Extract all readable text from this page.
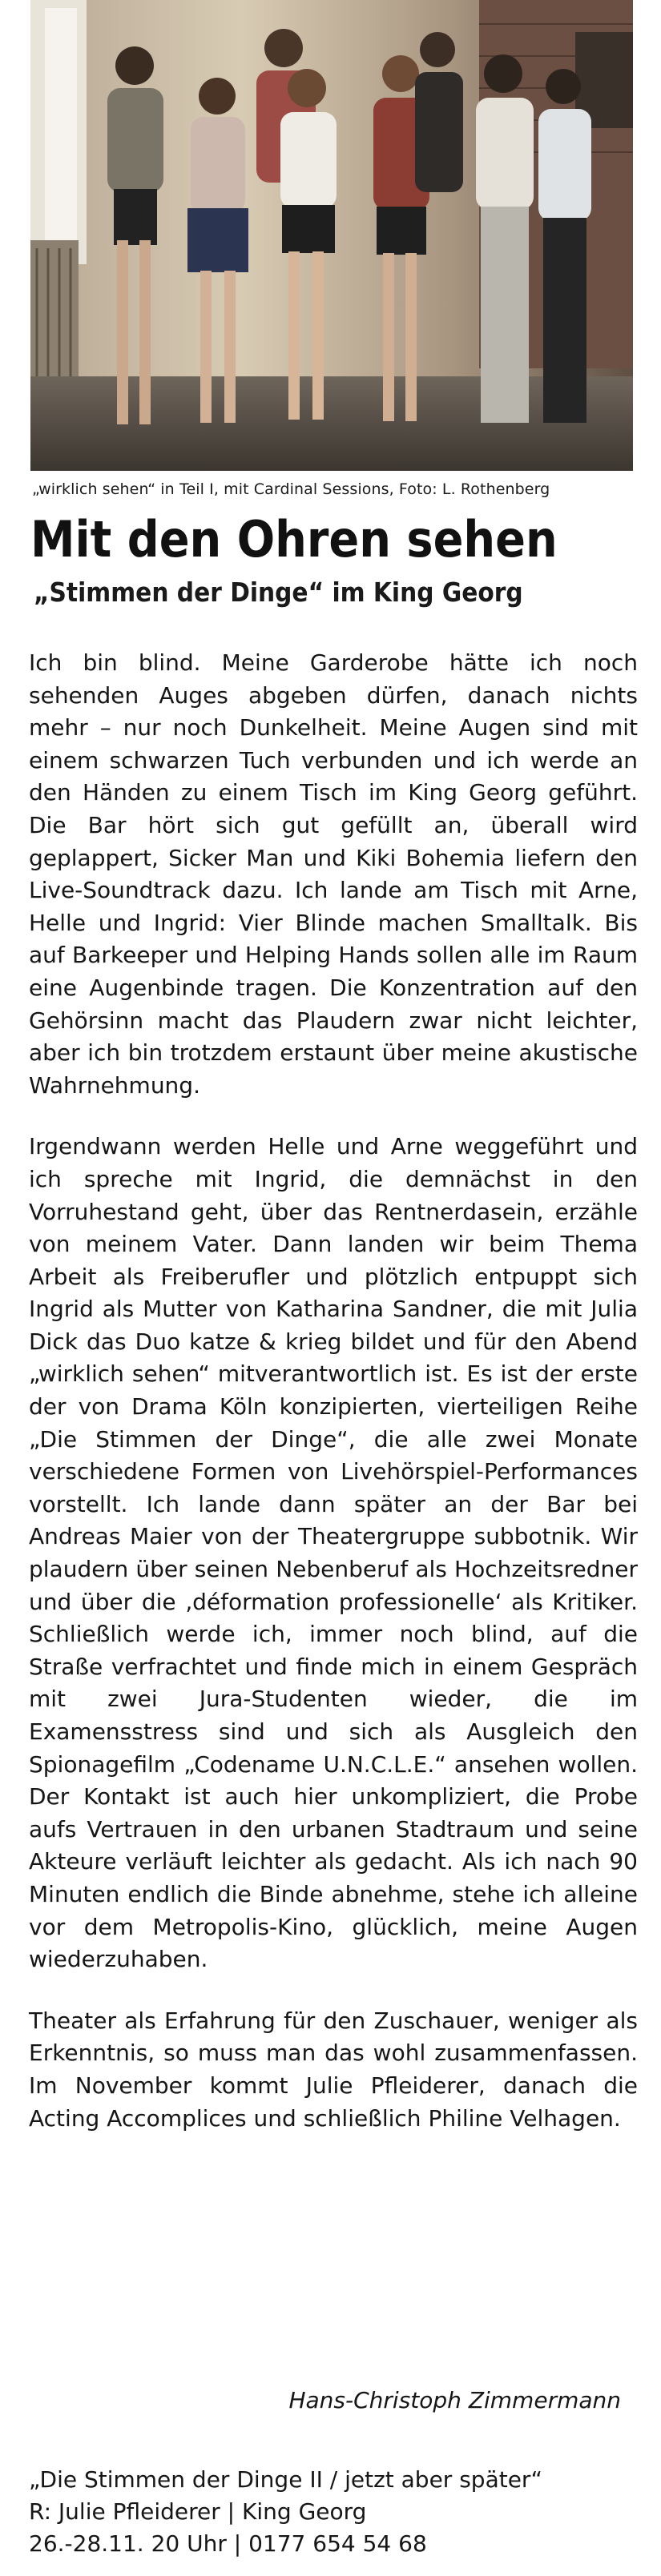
„wirklich sehen“ in Teil I, mit Cardinal Sessions, Foto: L. Rothenberg
Mit den Ohren sehen
„Stimmen der Dinge“ im King Georg

Ich bin blind. Meine Garderobe hätte ich noch sehenden Auges abgeben dürfen, danach nichts mehr – nur noch Dunkelheit. Meine Augen sind mit einem schwarzen Tuch verbunden und ich werde an den Händen zu einem Tisch im King Georg geführt. Die Bar hört sich gut gefüllt an, überall wird geplappert, Sicker Man und Kiki Bohemia liefern den Live-Soundtrack dazu. Ich lande am Tisch mit Arne, Helle und Ingrid: Vier Blinde machen Smalltalk. Bis auf Barkeeper und Helping Hands sollen alle im Raum eine Augenbinde tragen. Die Konzentration auf den Gehörsinn macht das Plaudern zwar nicht leichter, aber ich bin trotzdem erstaunt über meine akustische Wahrnehmung.

Irgendwann werden Helle und Arne weggeführt und ich spreche mit Ingrid, die demnächst in den Vorruhestand geht, über das Rentnerdasein, erzähle von meinem Vater. Dann landen wir beim Thema Arbeit als Freiberufler und plötzlich entpuppt sich Ingrid als Mutter von Katharina Sandner, die mit Julia Dick das Duo katze & krieg bildet und für den Abend „wirklich sehen“ mitverantwortlich ist. Es ist der erste der von Drama Köln konzipierten, vierteiligen Reihe „Die Stimmen der Dinge“, die alle zwei Monate verschiedene Formen von Livehörspiel-Performances vorstellt. Ich lande dann später an der Bar bei Andreas Maier von der Theatergruppe subbotnik. Wir plaudern über seinen Nebenberuf als Hochzeitsredner und über die ‚déformation professionelle‘ als Kritiker. Schließlich werde ich, immer noch blind, auf die Straße verfrachtet und finde mich in einem Gespräch mit zwei Jura-Studenten wieder, die im Examensstress sind und sich als Ausgleich den Spionagefilm „Codename U.N.C.L.E.“ ansehen wollen. Der Kontakt ist auch hier unkompliziert, die Probe aufs Vertrauen in den urbanen Stadtraum und seine Akteure verläuft leichter als gedacht. Als ich nach 90 Minuten endlich die Binde abnehme, stehe ich alleine vor dem Metropolis-Kino, glücklich, meine Augen wiederzuhaben.

Theater als Erfahrung für den Zuschauer, weniger als Erkenntnis, so muss man das wohl zusammenfassen. Im November kommt Julie Pfleiderer, danach die Acting Accomplices und schließlich Philine Velhagen.

Hans-Christoph Zimmermann
„Die Stimmen der Dinge II / jetzt aber später“
R: Julie Pfleiderer | King Georg
26.-28.11. 20 Uhr | 0177 654 54 68
